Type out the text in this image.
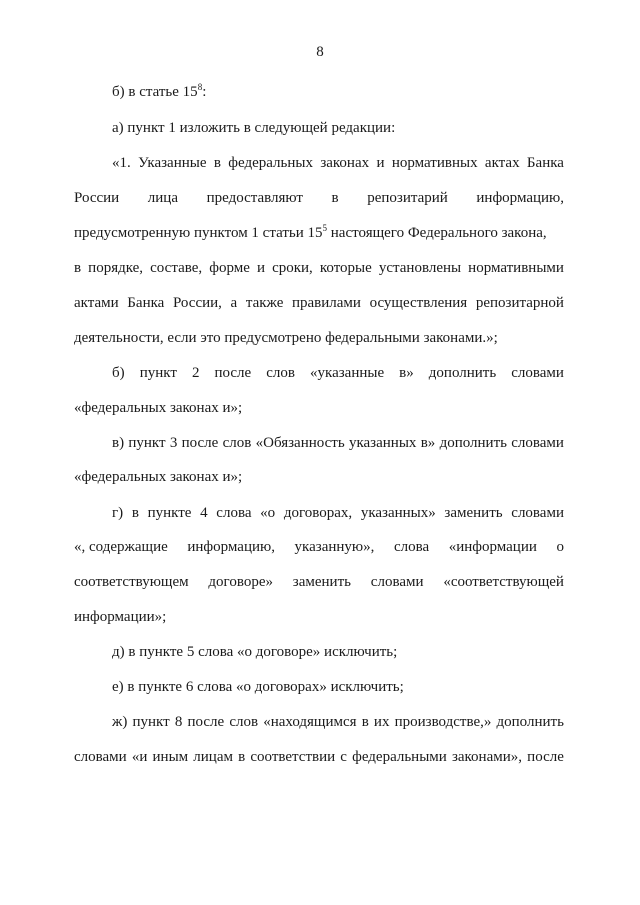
8
б) в статье $15^8$:
а) пункт 1 изложить в следующей редакции:
«1. Указанные в федеральных законах и нормативных актах Банка
России лица предоставляют в репозитарий информацию,
предусмотренную пунктом 1 статьи $15^5$ настоящего Федерального закона,
в порядке, составе, форме и сроки, которые установлены нормативными
актами Банка России, а также правилами осуществления репозитарной
деятельности, если это предусмотрено федеральными законами.»;
б) пункт 2 после слов «указанные в» дополнить словами
«федеральных законах и»;
в) пункт 3 после слов «Обязанность указанных в» дополнить словами
«федеральных законах и»;
г) в пункте 4 слова «о договорах, указанных» заменить словами
«, содержащие информацию, указанную», слова «информации о
соответствующем договоре» заменить словами «соответствующей
информации»;
д) в пункте 5 слова «о договоре» исключить;
е) в пункте 6 слова «о договорах» исключить;
ж) пункт 8 после слов «находящимся в их производстве,» дополнить
словами «и иным лицам в соответствии с федеральными законами», после
